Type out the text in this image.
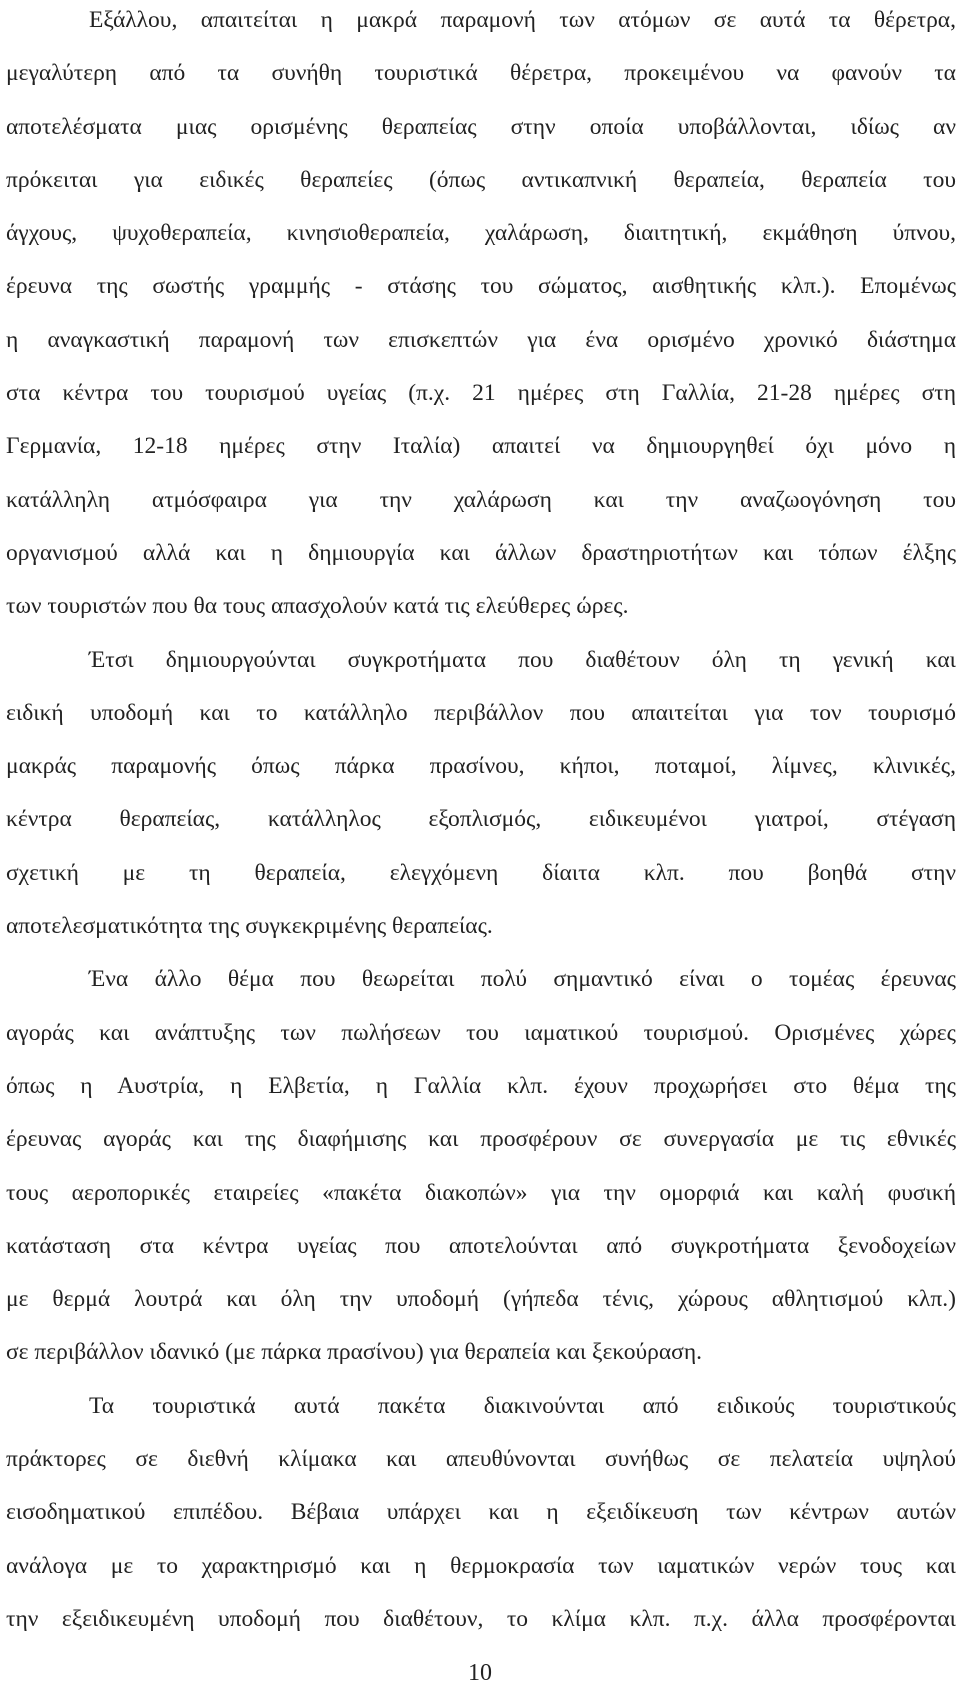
Εξάλλου, απαιτείται η μακρά παραμονή των ατόμων σε αυτά τα θέρετρα,
μεγαλύτερη από τα συνήθη τουριστικά θέρετρα, προκειμένου να φανούν τα
αποτελέσματα μιας ορισμένης θεραπείας στην οποία υποβάλλονται, ιδίως αν
πρόκειται για ειδικές θεραπείες (όπως αντικαπνική θεραπεία, θεραπεία του
άγχους, ψυχοθεραπεία, κινησιοθεραπεία, χαλάρωση, διαιτητική, εκμάθηση ύπνου,
έρευνα της σωστής γραμμής - στάσης του σώματος, αισθητικής κλπ.). Επομένως
η αναγκαστική παραμονή των επισκεπτών για ένα ορισμένο χρονικό διάστημα
στα κέντρα του τουρισμού υγείας (π.χ. 21 ημέρες στη Γαλλία, 21-28 ημέρες στη
Γερμανία, 12-18 ημέρες στην Ιταλία) απαιτεί να δημιουργηθεί όχι μόνο η
κατάλληλη ατμόσφαιρα για την χαλάρωση και την αναζωογόνηση του
οργανισμού αλλά και η δημιουργία και άλλων δραστηριοτήτων και τόπων έλξης
των τουριστών που θα τους απασχολούν κατά τις ελεύθερες ώρες.
Έτσι δημιουργούνται συγκροτήματα που διαθέτουν όλη τη γενική και
ειδική υποδομή και το κατάλληλο περιβάλλον που απαιτείται για τον τουρισμό
μακράς παραμονής όπως πάρκα πρασίνου, κήποι, ποταμοί, λίμνες, κλινικές,
κέντρα θεραπείας, κατάλληλος εξοπλισμός, ειδικευμένοι γιατροί, στέγαση
σχετική με τη θεραπεία, ελεγχόμενη δίαιτα κλπ. που βοηθά στην
αποτελεσματικότητα της συγκεκριμένης θεραπείας.
Ένα άλλο θέμα που θεωρείται πολύ σημαντικό είναι ο τομέας έρευνας
αγοράς και ανάπτυξης των πωλήσεων του ιαματικού τουρισμού. Ορισμένες χώρες
όπως η Αυστρία, η Ελβετία, η Γαλλία κλπ. έχουν προχωρήσει στο θέμα της
έρευνας αγοράς και της διαφήμισης και προσφέρουν σε συνεργασία με τις εθνικές
τους αεροπορικές εταιρείες «πακέτα διακοπών» για την ομορφιά και καλή φυσική
κατάσταση στα κέντρα υγείας που αποτελούνται από συγκροτήματα ξενοδοχείων
με θερμά λουτρά και όλη την υποδομή (γήπεδα τένις, χώρους αθλητισμού κλπ.)
σε περιβάλλον ιδανικό (με πάρκα πρασίνου) για θεραπεία και ξεκούραση.
Τα τουριστικά αυτά πακέτα διακινούνται από ειδικούς τουριστικούς
πράκτορες σε διεθνή κλίμακα και απευθύνονται συνήθως σε πελατεία υψηλού
εισοδηματικού επιπέδου. Βέβαια υπάρχει και η εξειδίκευση των κέντρων αυτών
ανάλογα με το χαρακτηρισμό και η θερμοκρασία των ιαματικών νερών τους και
την εξειδικευμένη υποδομή που διαθέτουν, το κλίμα κλπ. π.χ. άλλα προσφέρονται
10
